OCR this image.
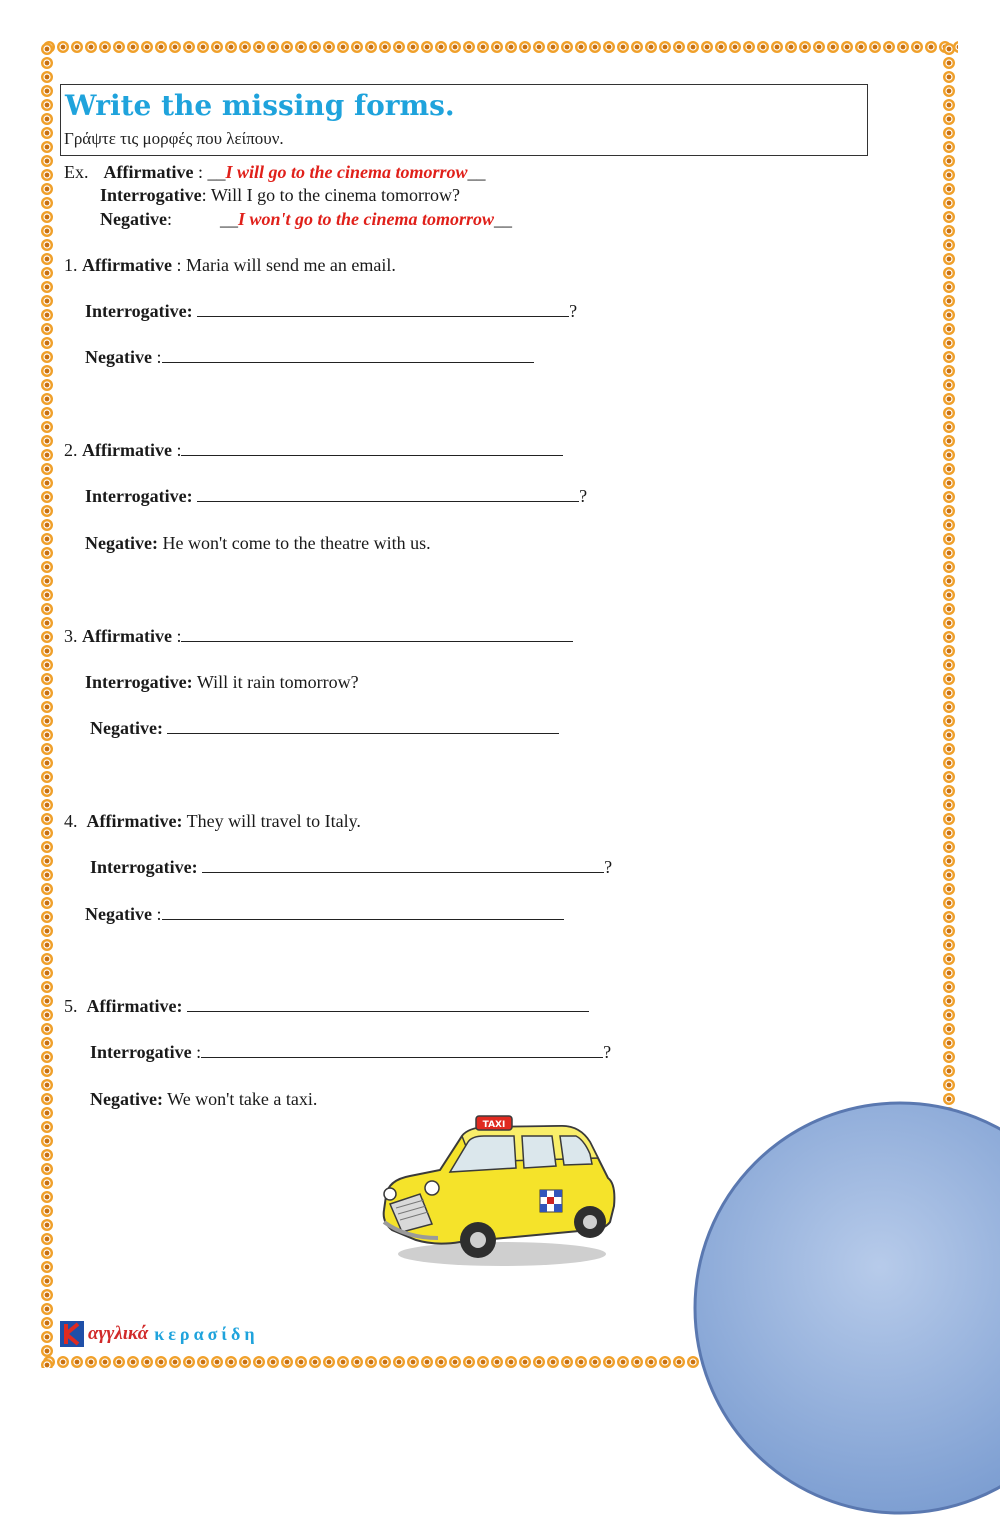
Write the missing forms.
Γράψτε τις μορφές που λείπουν.
Ex. Affirmative : __I will go to the cinema tomorrow__
Interrogative: Will I go to the cinema tomorrow?
Negative:	__I won't go to the cinema tomorrow__
1. Affirmative : Maria will send me an email.
Interrogative:	?
Negative :
2. Affirmative :
Interrogative:	?
Negative: He won't come to the theatre with us.
3. Affirmative :
Interrogative: Will it rain tomorrow?
Negative:
4. Affirmative: They will travel to Italy.
Interrogative:	?
Negative :
5. Affirmative:
Interrogative :	?
Negative: We won't take a taxi.
TAXI
αγγλικά κερασίδη
